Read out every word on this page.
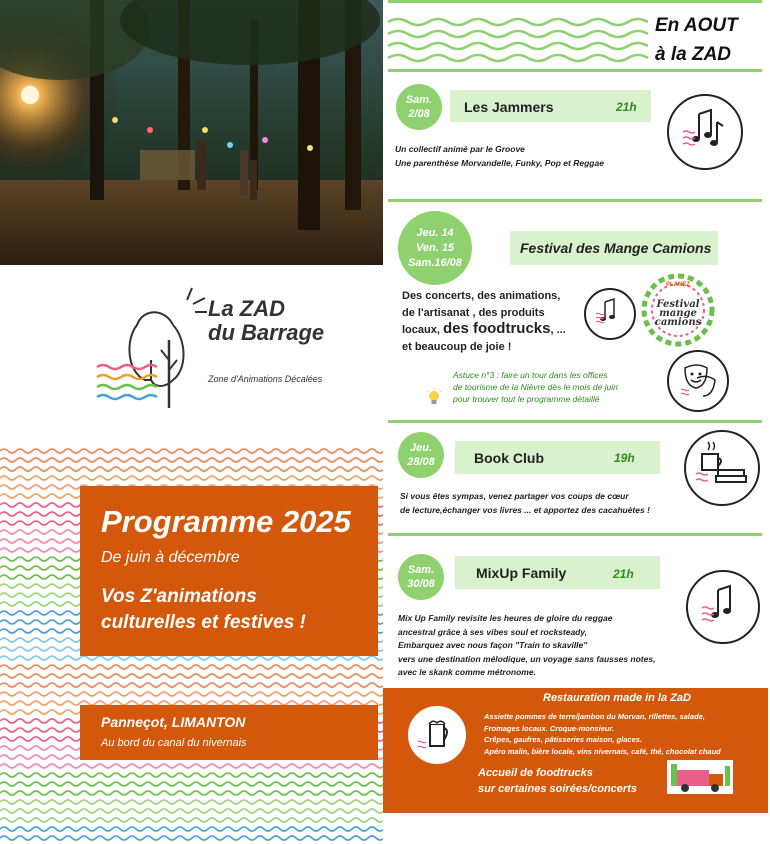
La ZAD
du Barrage
Zone d'Animations Décalées
Programme 2025
De juin à décembre
Vos Z'animations
culturelles et festives !
Panneçot, LIMANTON
Au bord du canal du nivernais
En AOUT
à la ZAD
Sam.
2/08	Les Jammers	21h
Un collectif animé par le Groove
Une parenthèse Morvandelle, Funky, Pop et Reggae
Jeu. 14
Ven. 15
Sam.16/08
Festival des Mange Camions
Des concerts, des animations,
de l'artisanat , des produits
locaux, des foodtrucks, ...
et beaucoup de joie !
PLANEZ
Festival
mange
camions
Astuce n°3 : faire un tour dans les offices
de tourisme de la Nièvre dès le mois de juin
pour trouver tout le programme détaillé
Jeu.
28/08	Book Club	19h
Si vous êtes sympas, venez partager vos coups de cœur
de lecture,échanger vos livres ... et apportez des cacahuètes !
Sam.
30/08
MixUp Family	21h
Mix Up Family revisite les heures de gloire du reggae
ancestral grâce à ses vibes soul et rocksteady,
Embarquez avec nous façon "Train to skaville"
vers une destination mélodique, un voyage sans fausses notes,
avec le skank comme métronome.
Restauration made in la ZaD
Assiette pommes de terre/jambon du Morvan, rillettes, salade,
Fromages locaux. Croque-monsieur.
Crêpes, gaufres, pâtisseries maison, glaces.
Apéro malin, bière locale, vins nivernais, café, thé, chocolat chaud
Accueil de foodtrucks
sur certaines soirées/concerts
